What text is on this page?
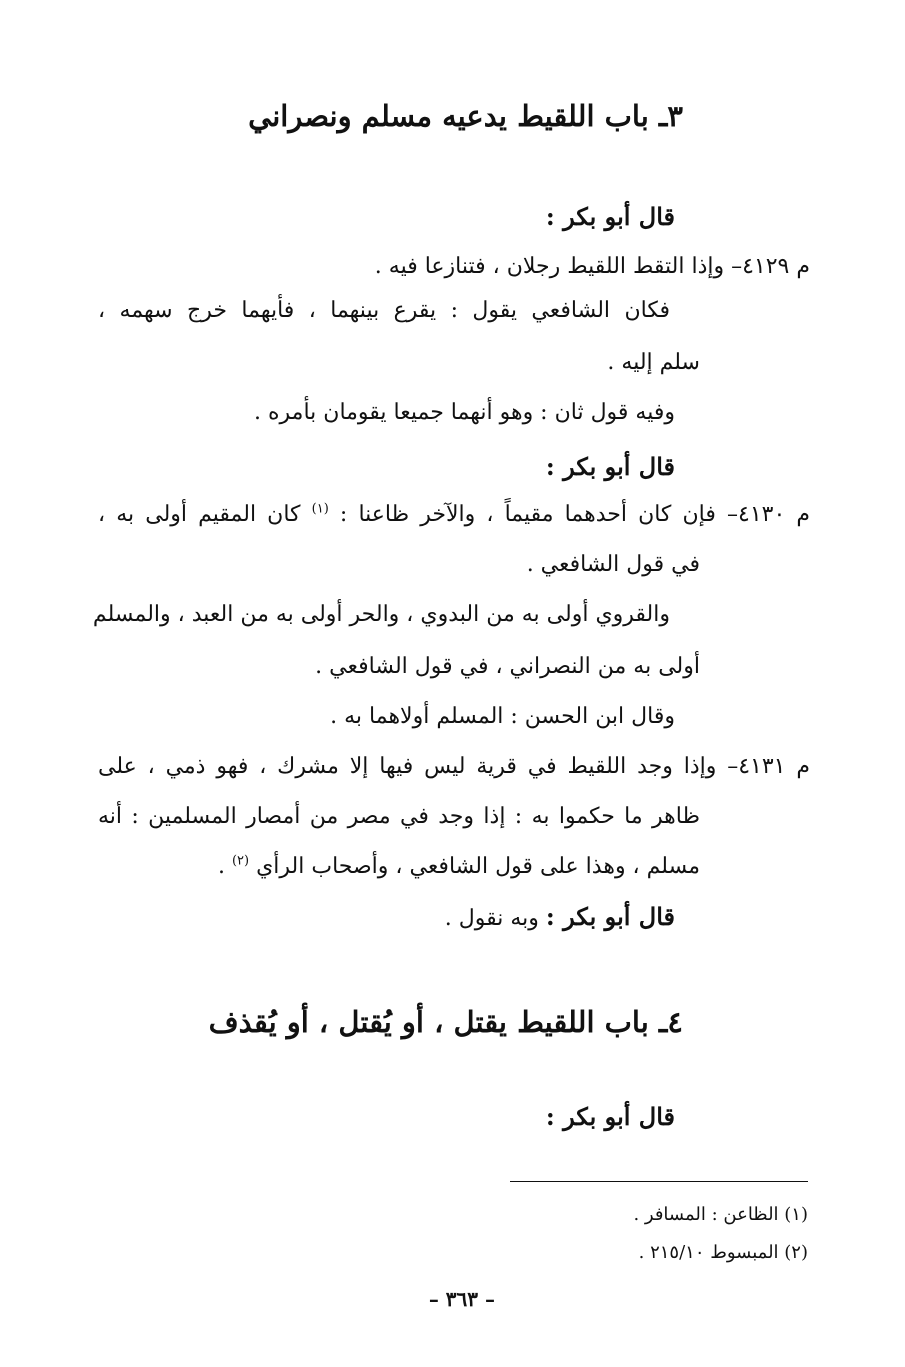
٣ـ باب اللقيط يدعيه مسلم ونصراني
قال أبو بكر :
م ٤١٢٩– وإذا التقط اللقيط رجلان ، فتنازعا فيه .
فكان الشافعي يقول : يقرع بينهما ، فأيهما خرج سهمه ،
سلم إليه .
وفيه قول ثان : وهو أنهما جميعا يقومان بأمره .
قال أبو بكر :
م ٤١٣٠– فإن كان أحدهما مقيماً ، والآخر ظاعنا : $^{(١)}$ كان المقيم أولى به ،
في قول الشافعي .
والقروي أولى به من البدوي ، والحر أولى به من العبد ، والمسلم
أولى به من النصراني ، في قول الشافعي .
وقال ابن الحسن : المسلم أولاهما به .
م ٤١٣١– وإذا وجد اللقيط في قرية ليس فيها إلا مشرك ، فهو ذمي ، على
ظاهر ما حكموا به : إذا وجد في مصر من أمصار المسلمين : أنه
مسلم ، وهذا على قول الشافعي ، وأصحاب الرأي $^{(٢)}$ .
قال أبو بكر : وبه نقول .
٤ـ باب اللقيط يقتل ، أو يُقتل ، أو يُقذف
قال أبو بكر :
(١) الظاعن : المسافر .
(٢) المبسوط ٢١٥/١٠ .
– ٣٦٣ –
